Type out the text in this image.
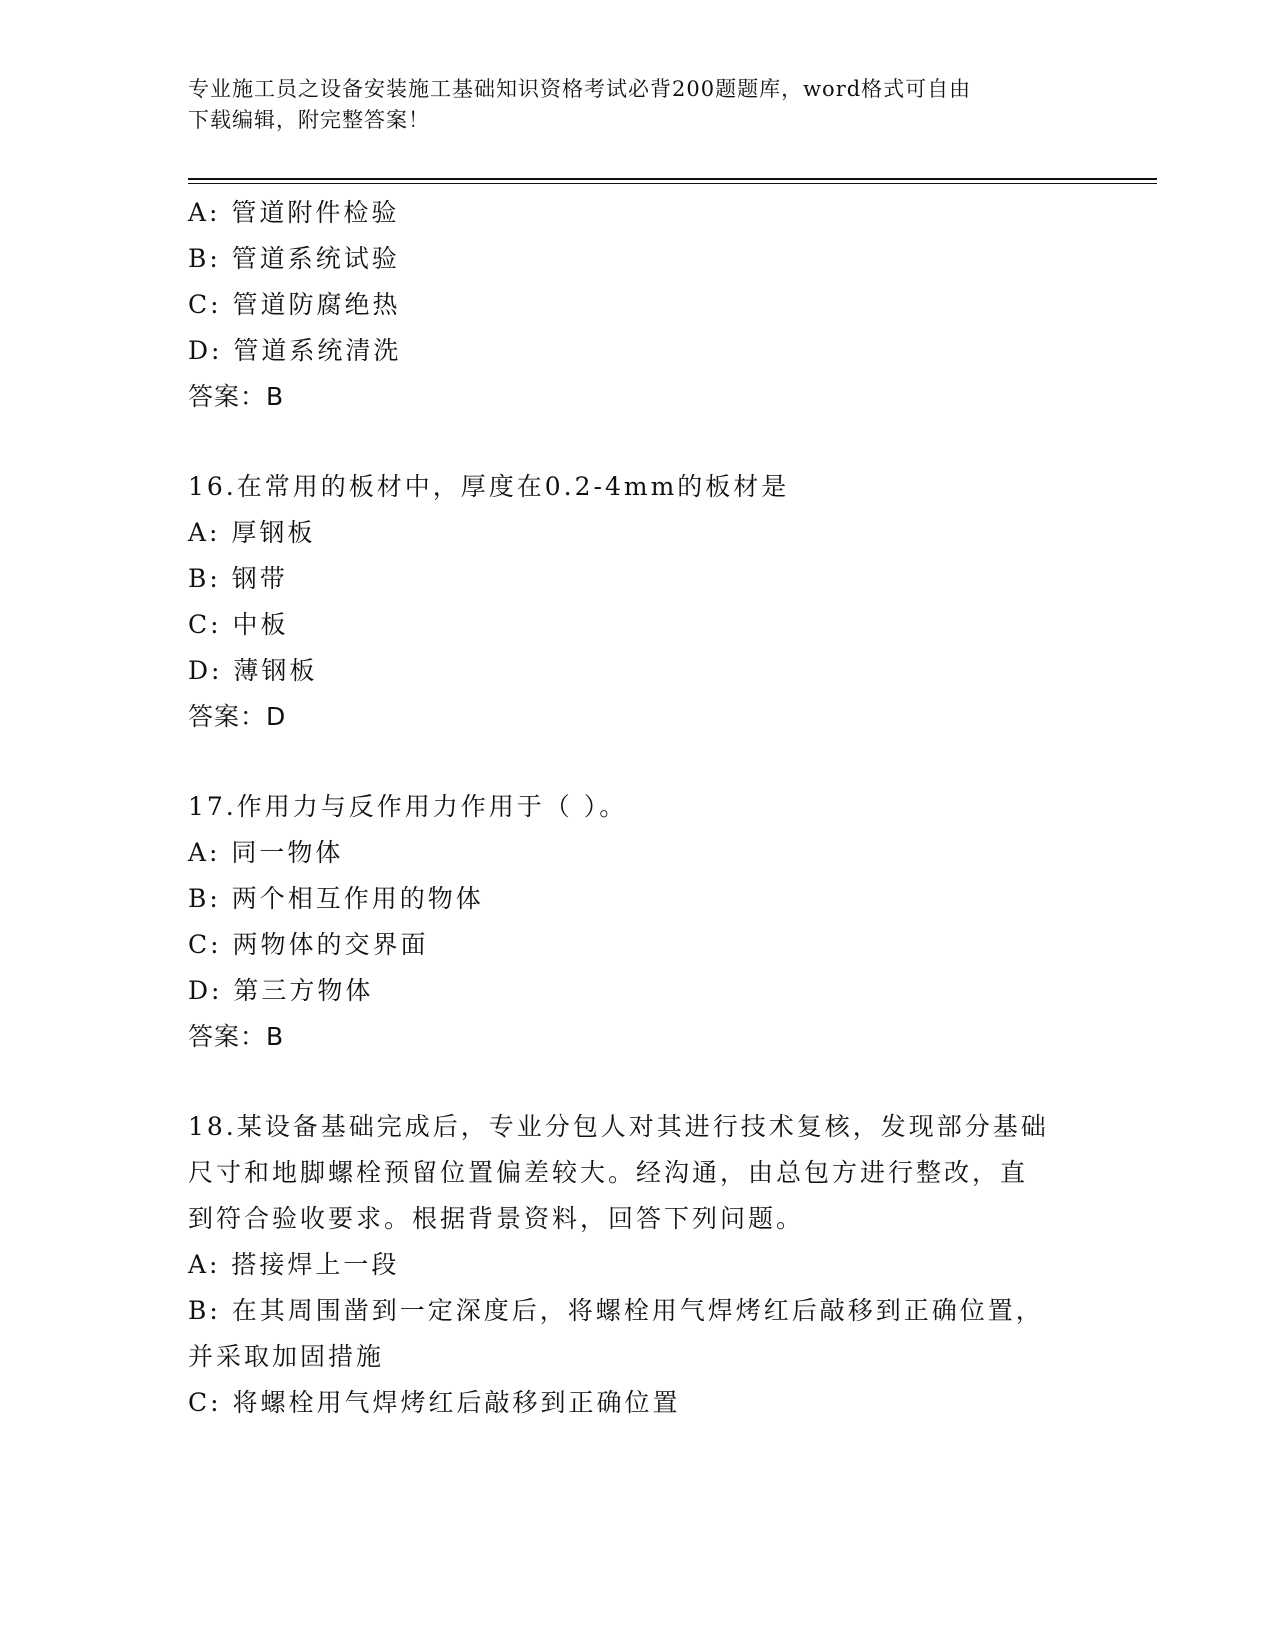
专业施工员之设备安装施工基础知识资格考试必背200题题库，word格式可自由
下载编辑，附完整答案！
A: 管道附件检验
B: 管道系统试验
C: 管道防腐绝热
D: 管道系统清洗
答案：B
16.在常用的板材中，厚度在0.2-4mm的板材是
A: 厚钢板
B: 钢带
C: 中板
D: 薄钢板
答案：D
17.作用力与反作用力作用于（ ）。
A: 同一物体
B: 两个相互作用的物体
C: 两物体的交界面
D: 第三方物体
答案：B
18.某设备基础完成后，专业分包人对其进行技术复核，发现部分基础
尺寸和地脚螺栓预留位置偏差较大。经沟通，由总包方进行整改，直
到符合验收要求。根据背景资料，回答下列问题。
A: 搭接焊上一段
B: 在其周围凿到一定深度后，将螺栓用气焊烤红后敲移到正确位置，
并采取加固措施
C: 将螺栓用气焊烤红后敲移到正确位置
